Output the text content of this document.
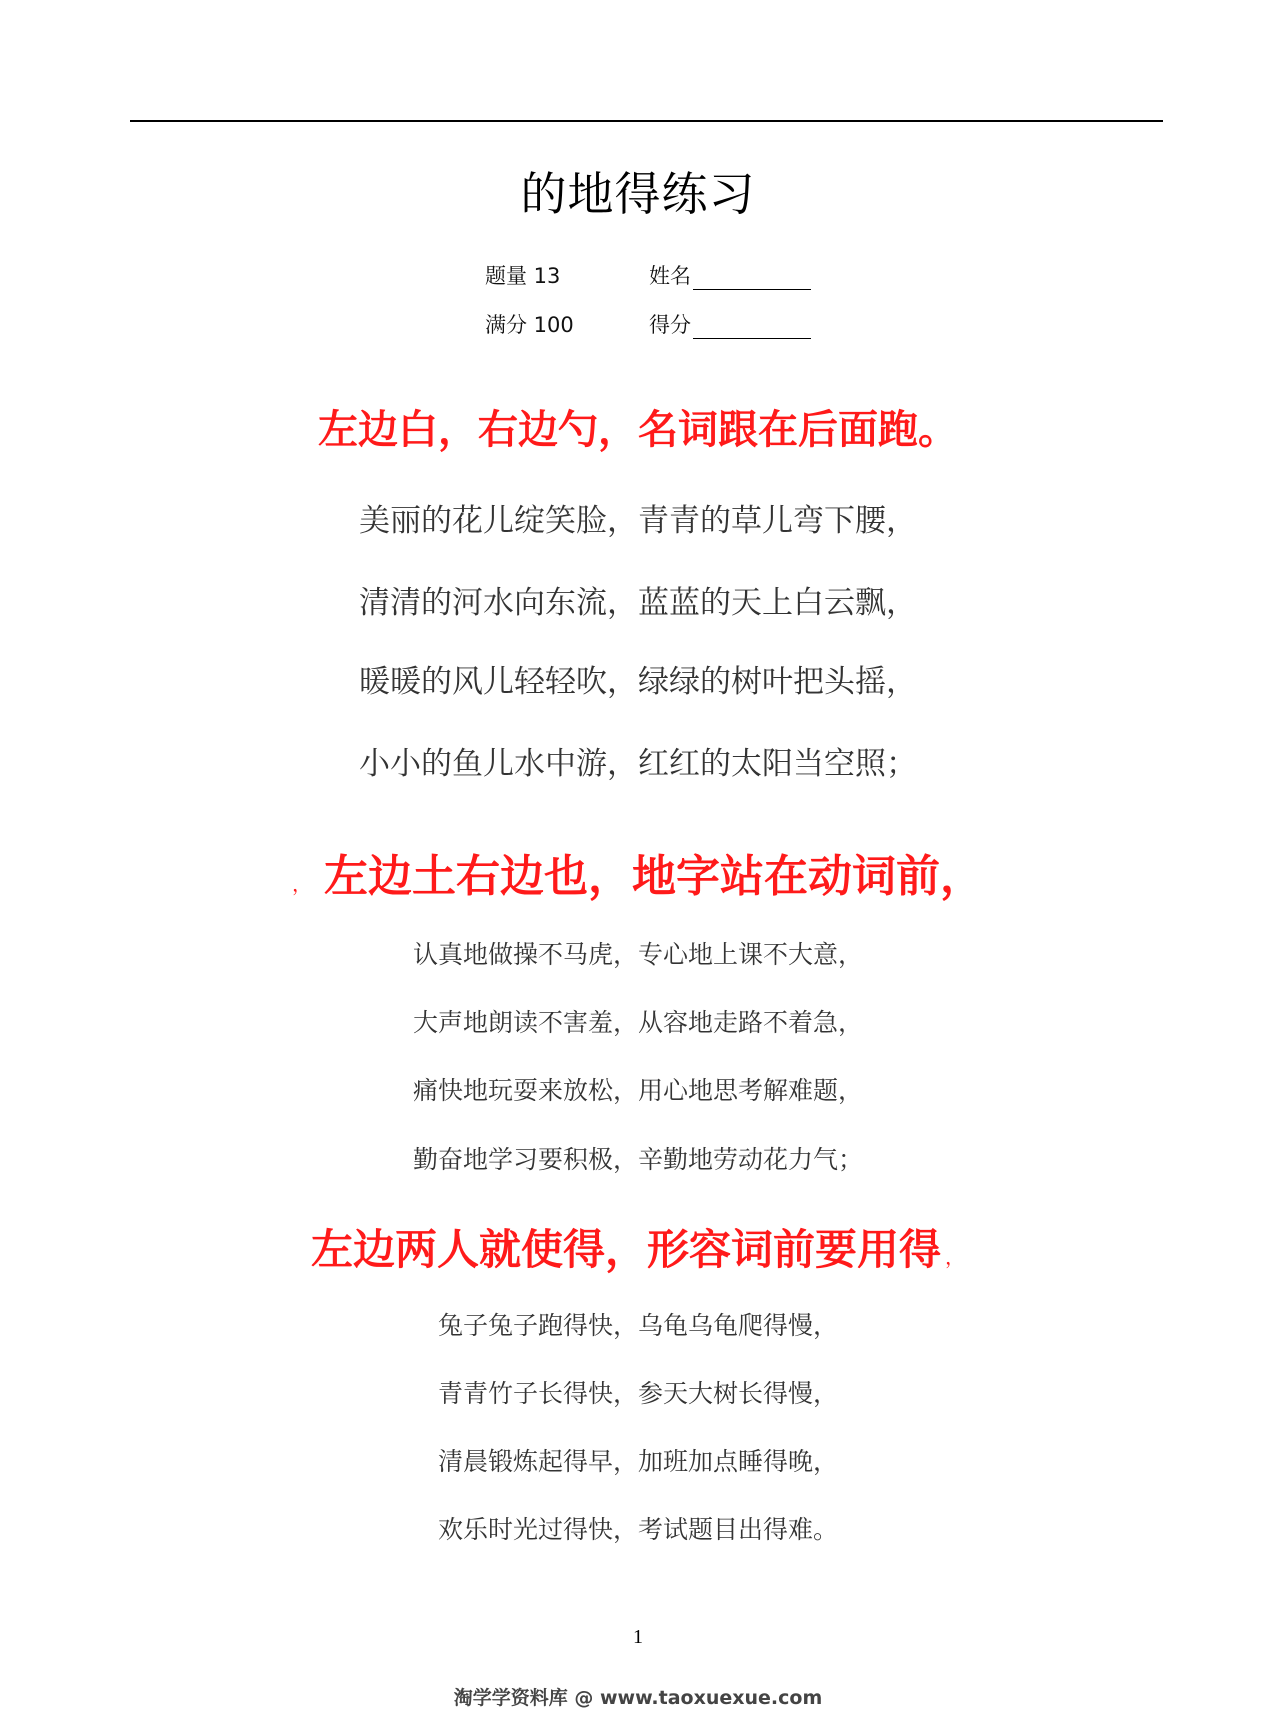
的地得练习
题量 13	姓名
满分 100	得分
左边白，右边勺，名词跟在后面跑。
美丽的花儿绽笑脸，青青的草儿弯下腰，
清清的河水向东流，蓝蓝的天上白云飘，
暖暖的风儿轻轻吹，绿绿的树叶把头摇，
小小的鱼儿水中游，红红的太阳当空照；
， 左边土右边也，地字站在动词前，
认真地做操不马虎，专心地上课不大意，
大声地朗读不害羞，从容地走路不着急，
痛快地玩耍来放松，用心地思考解难题，
勤奋地学习要积极，辛勤地劳动花力气；
左边两人就使得，形容词前要用得 ，
兔子兔子跑得快，乌龟乌龟爬得慢，
青青竹子长得快，参天大树长得慢，
清晨锻炼起得早，加班加点睡得晚，
欢乐时光过得快，考试题目出得难。
1
淘学学资料库 @ www.taoxuexue.com
